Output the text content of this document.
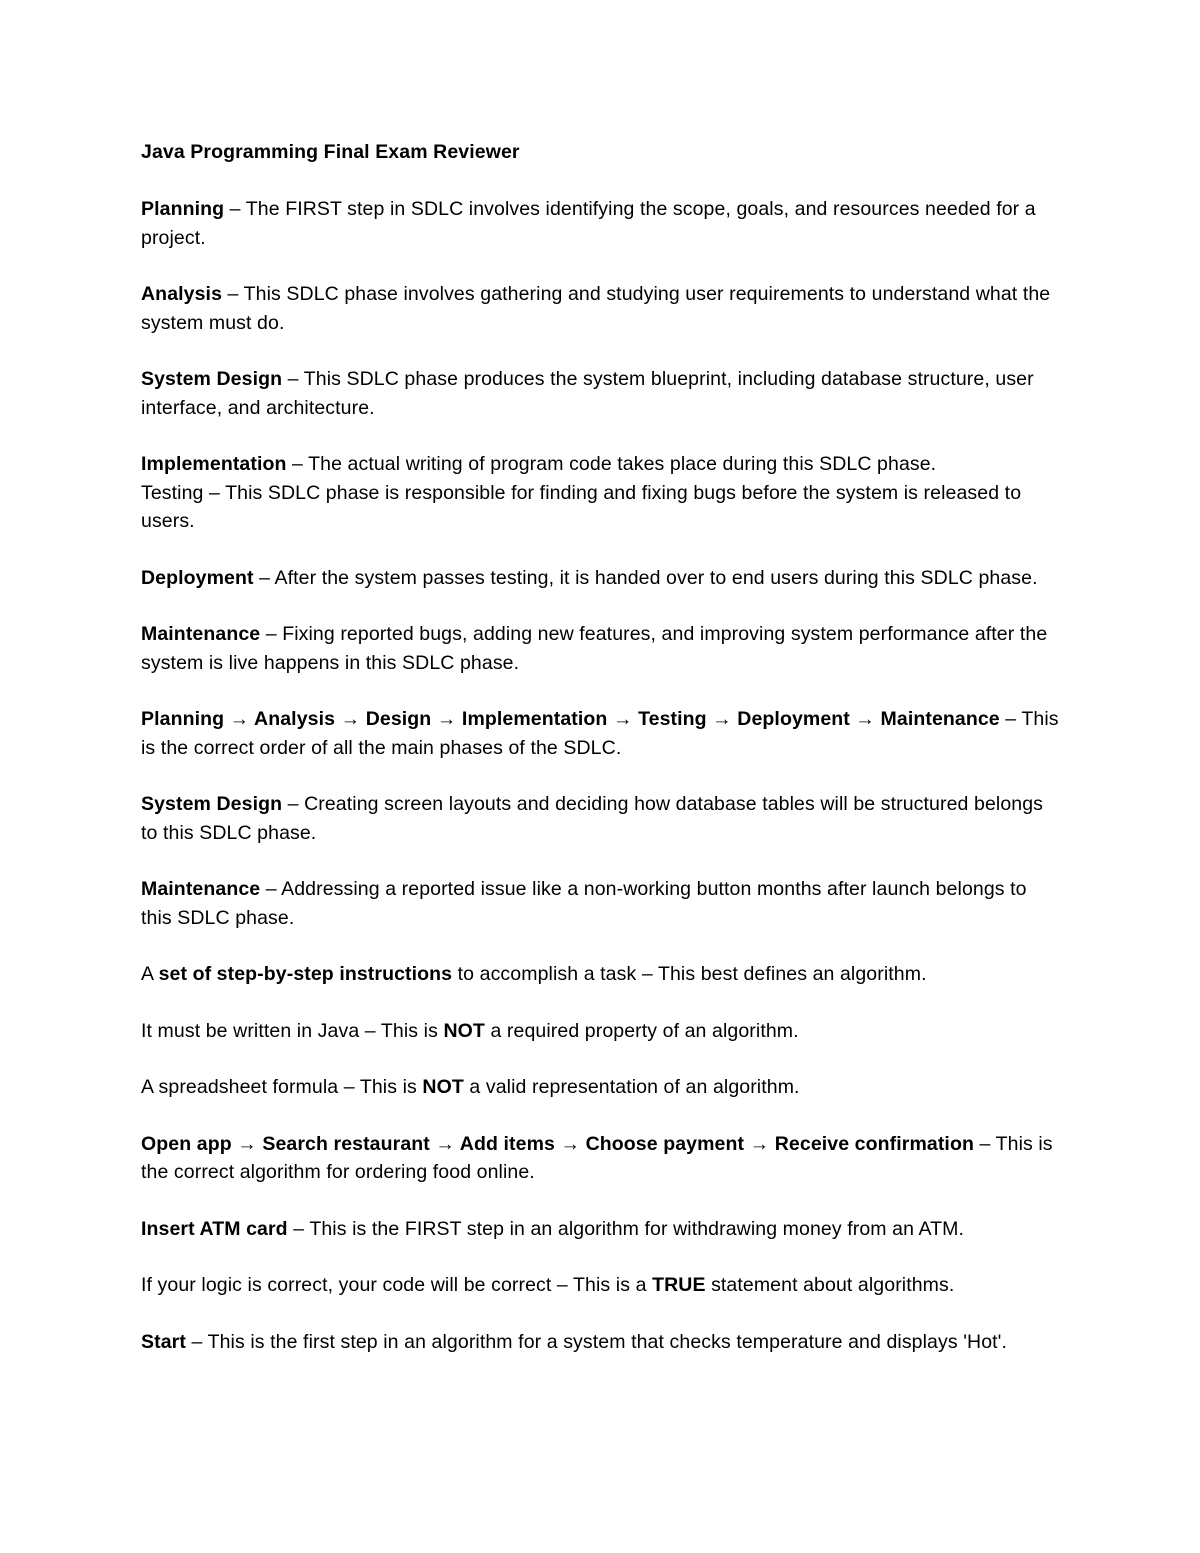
Java Programming Final Exam Reviewer

Planning – The FIRST step in SDLC involves identifying the scope, goals, and resources needed for a project.

Analysis – This SDLC phase involves gathering and studying user requirements to understand what the system must do.

System Design – This SDLC phase produces the system blueprint, including database structure, user interface, and architecture.

Implementation – The actual writing of program code takes place during this SDLC phase.

Testing – This SDLC phase is responsible for finding and fixing bugs before the system is released to users.

Deployment – After the system passes testing, it is handed over to end users during this SDLC phase.

Maintenance – Fixing reported bugs, adding new features, and improving system performance after the system is live happens in this SDLC phase.

Planning → Analysis → Design → Implementation → Testing → Deployment → Maintenance – This is the correct order of all the main phases of the SDLC.

System Design – Creating screen layouts and deciding how database tables will be structured belongs to this SDLC phase.

Maintenance – Addressing a reported issue like a non-working button months after launch belongs to this SDLC phase.

A set of step-by-step instructions to accomplish a task – This best defines an algorithm.

It must be written in Java – This is NOT a required property of an algorithm.

A spreadsheet formula – This is NOT a valid representation of an algorithm.

Open app → Search restaurant → Add items → Choose payment → Receive confirmation – This is the correct algorithm for ordering food online.

Insert ATM card – This is the FIRST step in an algorithm for withdrawing money from an ATM.

If your logic is correct, your code will be correct – This is a TRUE statement about algorithms.

Start – This is the first step in an algorithm for a system that checks temperature and displays 'Hot'.
